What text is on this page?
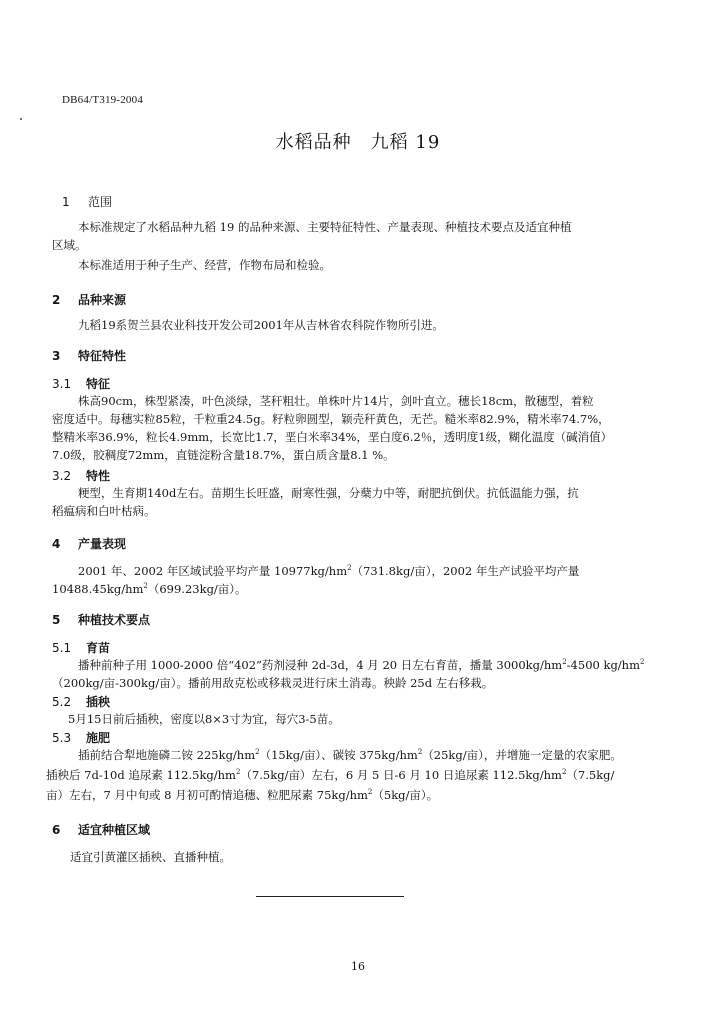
DB64/T319-2004
水稻品种　九稻 19
1 范围
本标准规定了水稻品种九稻 19 的品种来源、主要特征特性、产量表现、种植技术要点及适宜种植
区域。
本标准适用于种子生产、经营，作物布局和检验。
2 品种来源
九稻19系贺兰县农业科技开发公司2001年从吉林省农科院作物所引进。
3 特征特性
3.1 特征
株高90cm，株型紧凑，叶色淡绿，茎秆粗壮。单株叶片14片，剑叶直立。穗长18cm，散穗型，着粒
密度适中。每穗实粒85粒，千粒重24.5g。籽粒卵圆型，颖壳秆黄色，无芒。糙米率82.9%，精米率74.7%，
整精米率36.9%，粒长4.9mm，长宽比1.7，垩白米率34%，垩白度6.2％，透明度1级，糊化温度（碱消值）
7.0级，胶稠度72mm，直链淀粉含量18.7%，蛋白质含量8.1 %。
3.2 特性
粳型，生育期140d左右。苗期生长旺盛，耐寒性强，分蘖力中等，耐肥抗倒伏。抗低温能力强，抗
稻瘟病和白叶枯病。
4 产量表现
2001 年、2002 年区域试验平均产量 $10977kg/hm^2(731.8kg/$亩），2002 年生产试验平均产量
$10488.45kg/hm^2(699.23kg/$亩）。
5 种植技术要点
5.1 育苗
播种前种子用 1000-2000 倍“402”药剂浸种 2d-3d，4 月 20 日左右育苗，播量 $3000kg/hm^2-4500$ $kg/hm^2$
（200kg/亩-300kg/亩）。播前用敌克松或移栽灵进行床土消毒。秧龄 25d 左右移栽。
5.2 插秧
5月15日前后插秧，密度以8×3寸为宜，每穴3-5苗。
5.3 施肥
插前结合犁地施磷二铵 $225kg/hm^2(15kg/$亩）、碳铵 $375kg/hm^2(25kg/$亩），并增施一定量的农家肥。
插秧后 7d-10d 追尿素 $112.5kg/hm^2(7.5kg/$亩）左右，6 月 5 日-6 月 10 日追尿素 $112.5kg/hm^2(7.5kg/$
亩）左右，7 月中旬或 8 月初可酌情追穗、粒肥尿素 $75kg/hm^2(5kg/$亩）。
6 适宜种植区域
适宜引黄灌区插秧、直播种植。
16
